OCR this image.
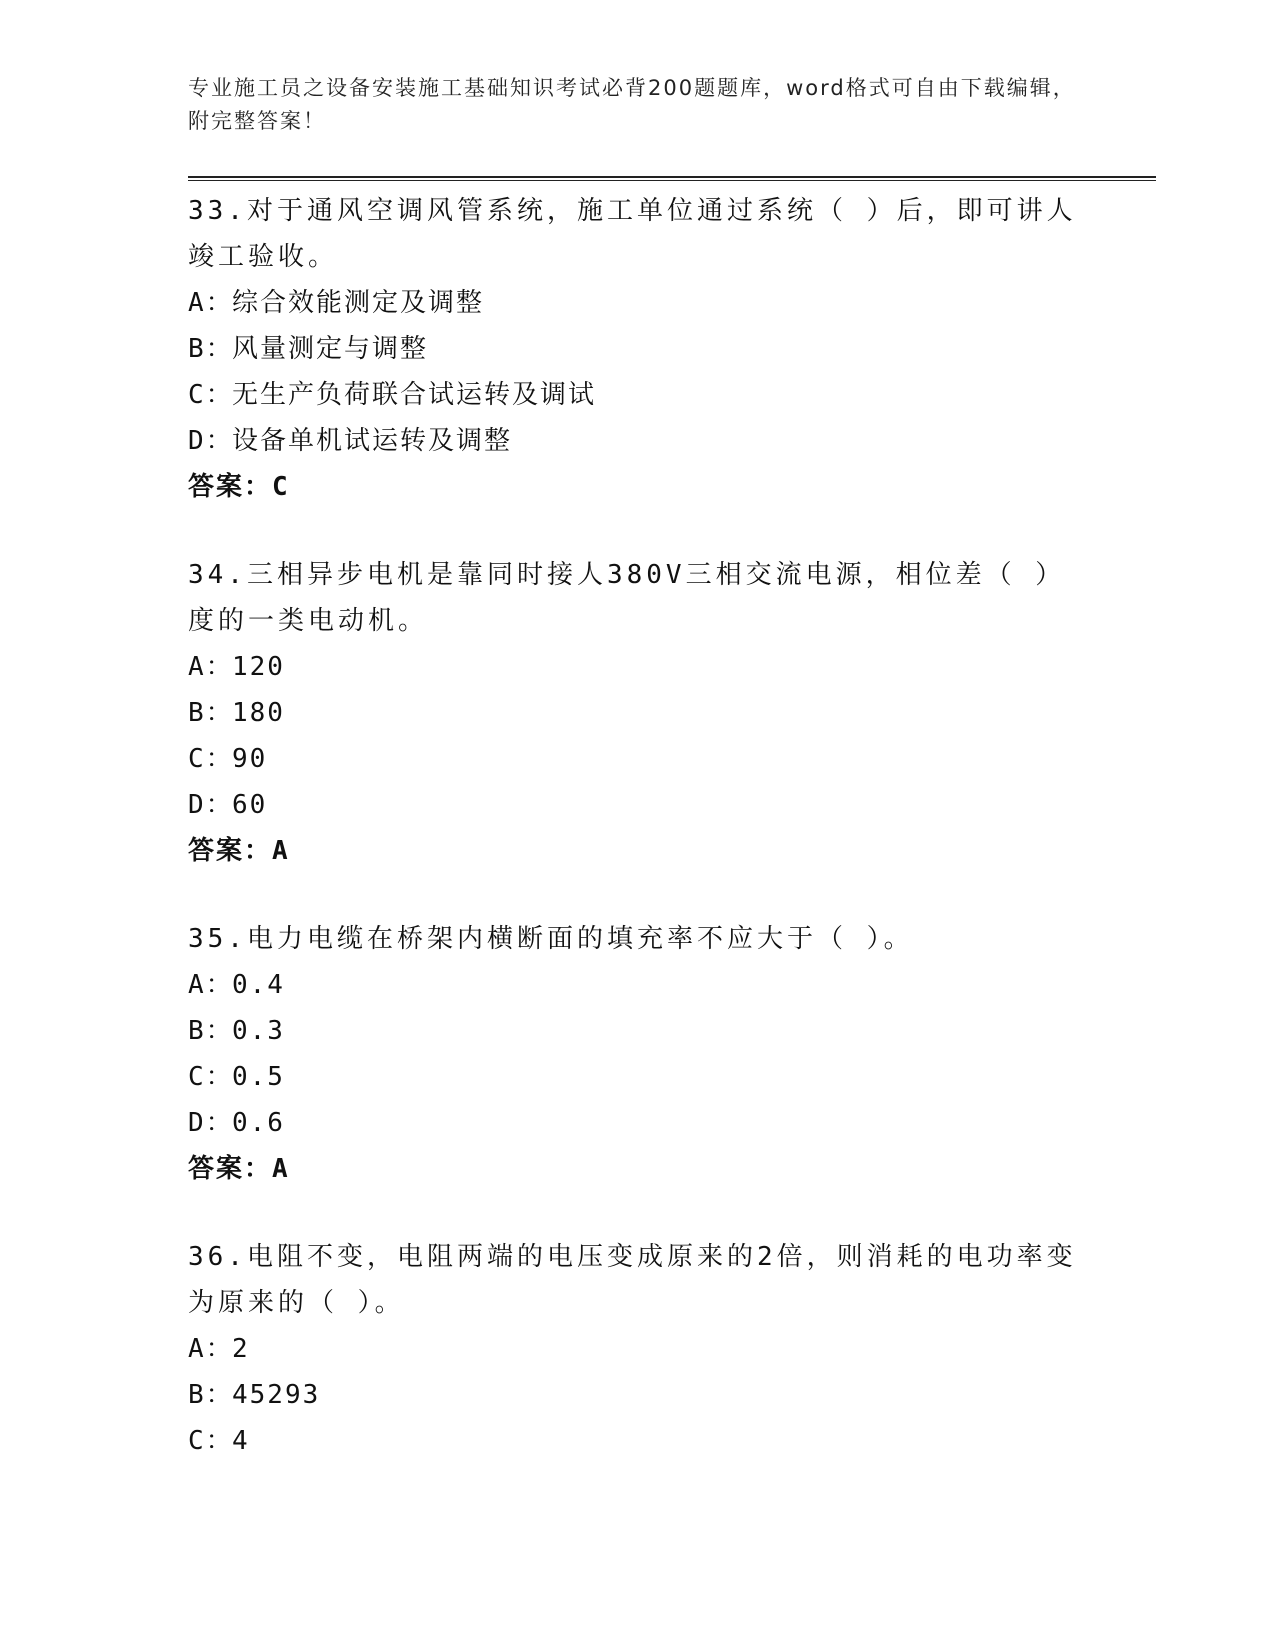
专业施工员之设备安装施工基础知识考试必背200题题库，word格式可自由下载编辑，附完整答案！

33.对于通风空调风管系统，施工单位通过系统（ ）后，即可讲人竣工验收。

A：综合效能测定及调整

B：风量测定与调整

C：无生产负荷联合试运转及调试

D：设备单机试运转及调整

答案：C

34.三相异步电机是靠同时接人380V三相交流电源，相位差（ ）度的一类电动机。

A：120

B：180

C：90

D：60

答案：A

35.电力电缆在桥架内横断面的填充率不应大于（ ）。

A：0.4

B：0.3

C：0.5

D：0.6

答案：A

36.电阻不变，电阻两端的电压变成原来的2倍，则消耗的电功率变为原来的（ ）。

A：2

B：45293

C：4
